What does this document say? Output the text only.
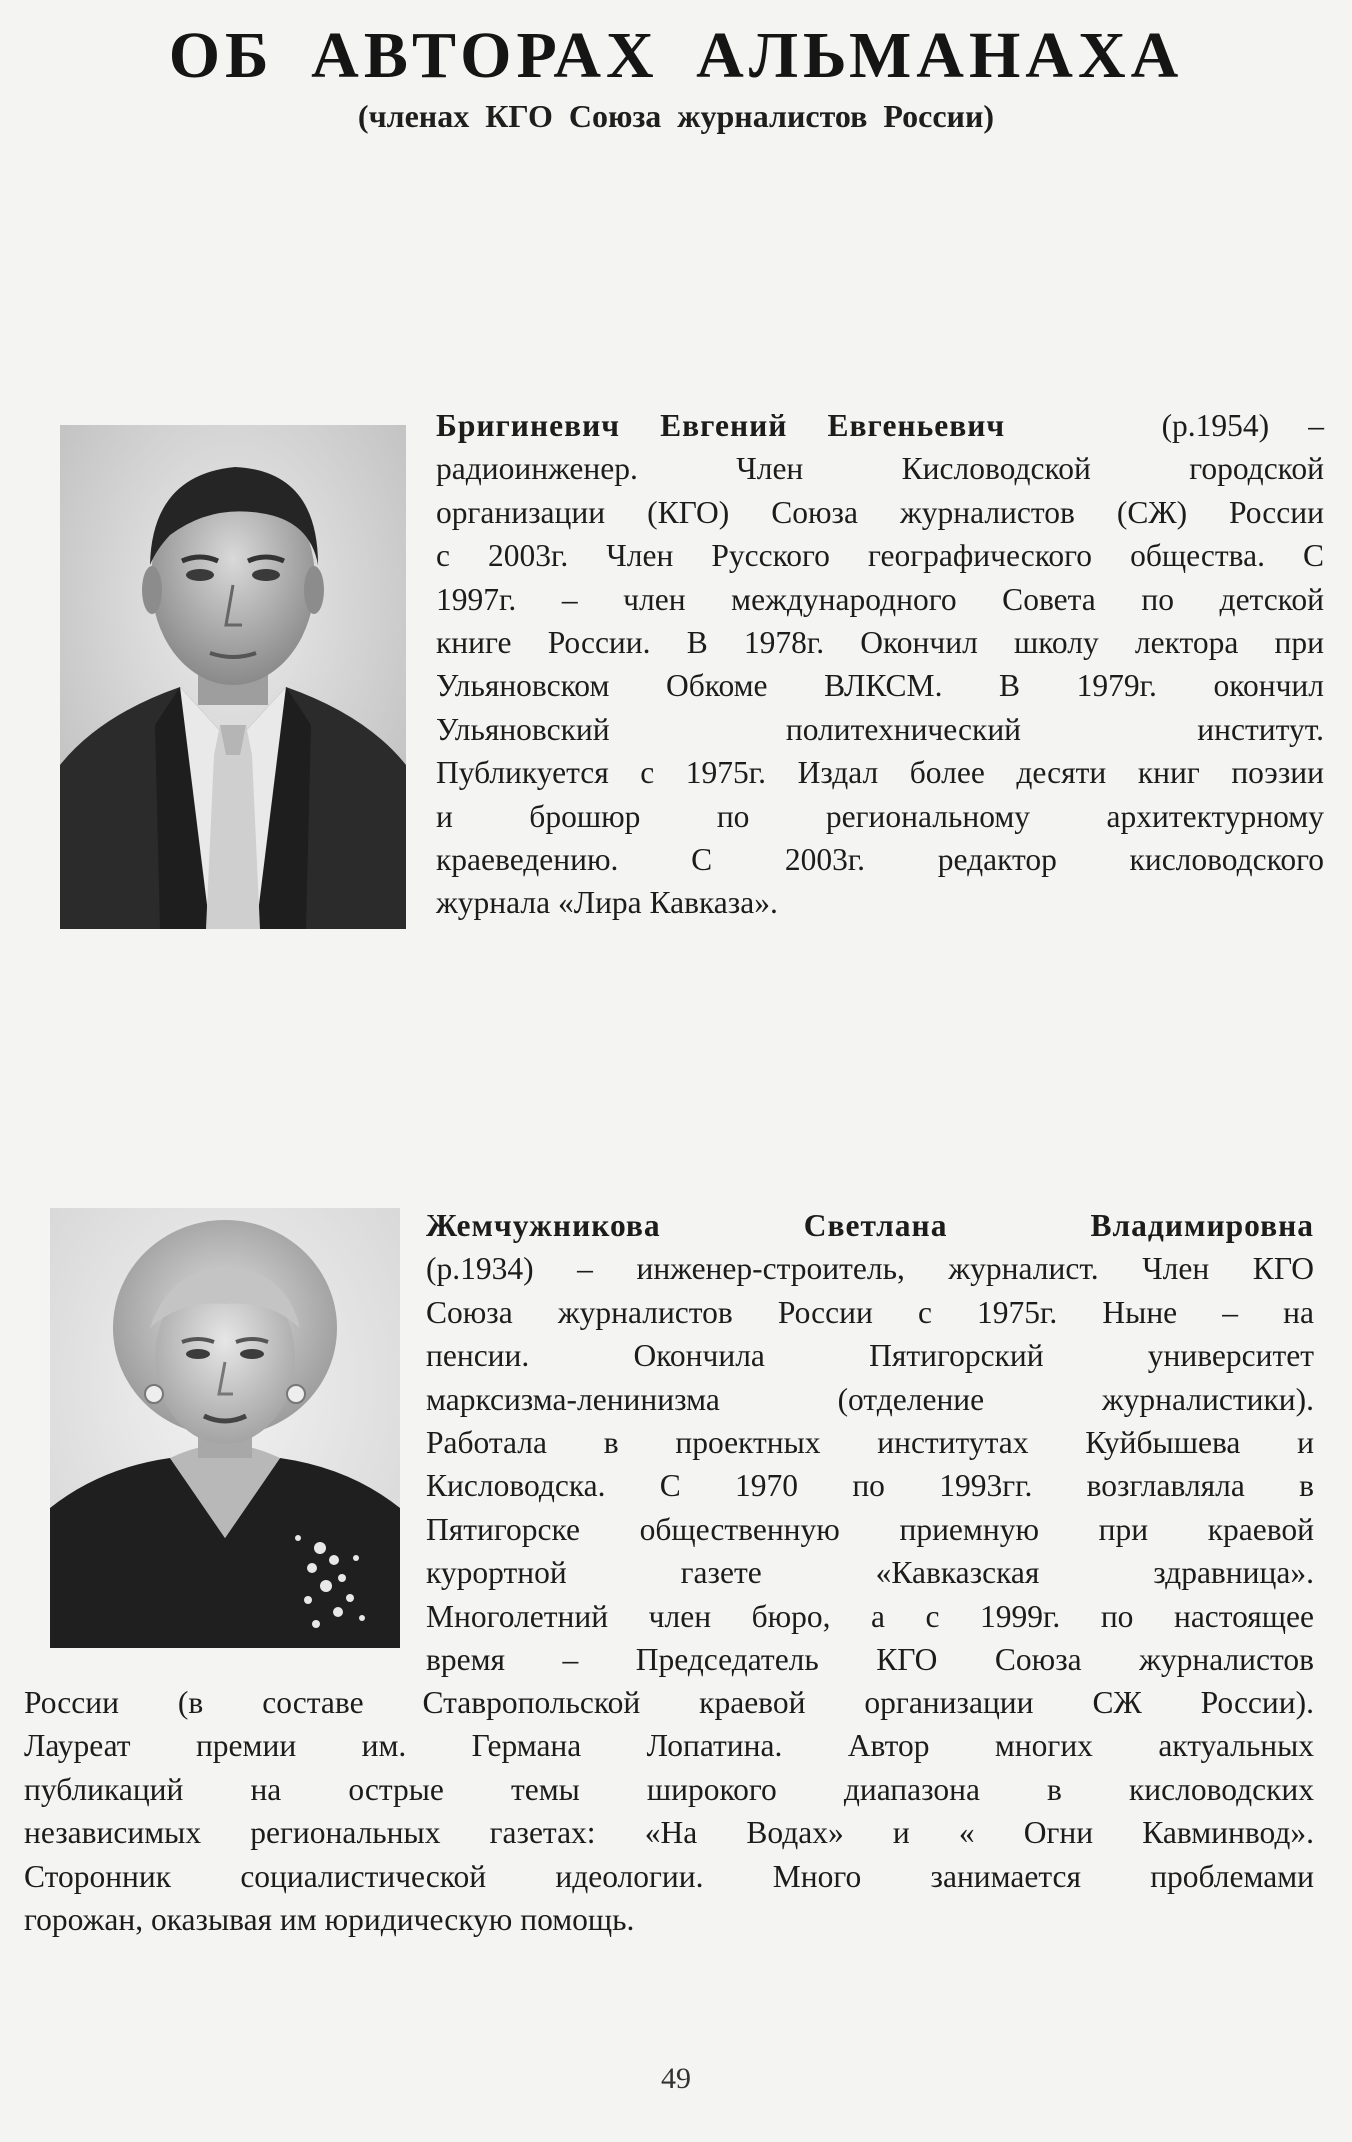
ОБ АВТОРАХ АЛЬМАНАХА
(членах КГО Союза журналистов России)
Бригиневич Евгений Евгеньевич	(р.1954) –
радиоинженер. Член Кисловодской городской
организации (КГО) Союза журналистов (СЖ) России
с 2003г. Член Русского географического общества. С
1997г. – член международного Совета по детской
книге России. В 1978г. Окончил школу лектора при
Ульяновском Обкоме ВЛКСМ. В 1979г. окончил
Ульяновский политехнический институт.
Публикуется с 1975г. Издал более десяти книг поэзии
и брошюр по региональному архитектурному
краеведению. С 2003г. редактор кисловодского
журнала «Лира Кавказа».
Жемчужникова Светлана Владимировна
(р.1934) – инженер-строитель, журналист. Член КГО
Союза журналистов России с 1975г. Ныне – на
пенсии. Окончила Пятигорский университет
марксизма-ленинизма (отделение журналистики).
Работала в проектных институтах Куйбышева и
Кисловодска. С 1970 по 1993гг. возглавляла в
Пятигорске общественную приемную при краевой
курортной газете «Кавказская здравница».
Многолетний член бюро, а с 1999г. по настоящее
время – Председатель КГО Союза журналистов
России (в составе Ставропольской краевой организации СЖ России).
Лауреат премии им. Германа Лопатина. Автор многих актуальных
публикаций на острые темы широкого диапазона в кисловодских
независимых региональных газетах: «На Водах» и « Огни Кавминвод».
Сторонник социалистической идеологии. Много занимается проблемами
горожан, оказывая им юридическую помощь.
49
